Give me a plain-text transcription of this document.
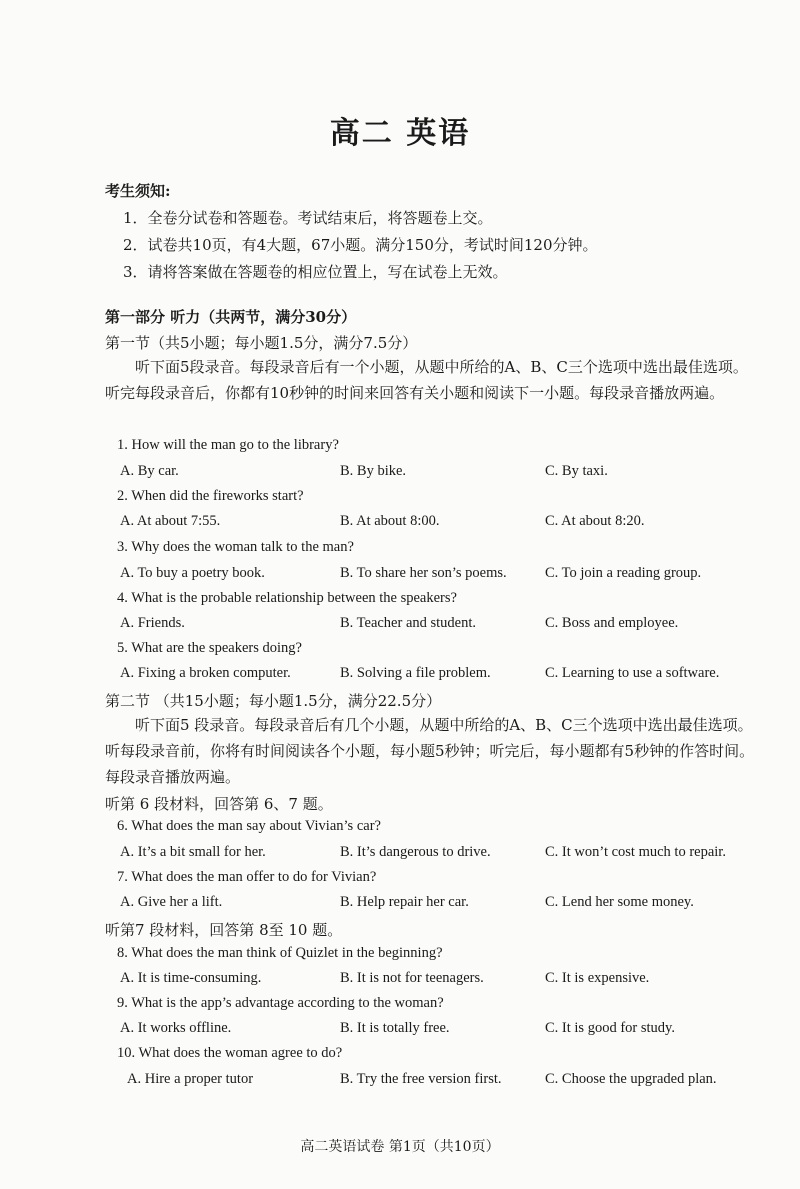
高二 英语
考生须知:
1．全卷分试卷和答题卷。考试结束后，将答题卷上交。
2．试卷共10页，有4大题，67小题。满分150分，考试时间120分钟。
3．请将答案做在答题卷的相应位置上，写在试卷上无效。
第一部分 听力（共两节，满分30分）
第一节（共5小题；每小题1.5分，满分7.5分）
听下面5段录音。每段录音后有一个小题，从题中所给的A、B、C三个选项中选出最佳选项。听完每段录音后，你都有10秒钟的时间来回答有关小题和阅读下一小题。每段录音播放两遍。
1. How will the man go to the library?
A. By car.	B. By bike.	C. By taxi.
2. When did the fireworks start?
A. At about 7:55.	B. At about 8:00.	C. At about 8:20.
3. Why does the woman talk to the man?
A. To buy a poetry book.	B. To share her son’s poems.	C. To join a reading group.
4. What is the probable relationship between the speakers?
A. Friends.	B. Teacher and student.	C. Boss and employee.
5. What are the speakers doing?
A. Fixing a broken computer.	B. Solving a file problem.	C. Learning to use a software.
第二节 （共15小题；每小题1.5分，满分22.5分）
听下面5 段录音。每段录音后有几个小题，从题中所给的A、B、C三个选项中选出最佳选项。听每段录音前，你将有时间阅读各个小题，每小题5秒钟；听完后，每小题都有5秒钟的作答时间。每段录音播放两遍。
听第 6 段材料，回答第 6、7 题。
6. What does the man say about Vivian’s car?
A. It’s a bit small for her.	B. It’s dangerous to drive.	C. It won’t cost much to repair.
7. What does the man offer to do for Vivian?
A. Give her a lift.	B. Help repair her car.	C. Lend her some money.
听第7 段材料，回答第 8至 10 题。
8. What does the man think of Quizlet in the beginning?
A. It is time-consuming.	B. It is not for teenagers.	C. It is expensive.
9. What is the app’s advantage according to the woman?
A. It works offline.	B. It is totally free.	C. It is good for study.
10. What does the woman agree to do?
A. Hire a proper tutor	B. Try the free version first.	C. Choose the upgraded plan.
高二英语试卷 第1页（共10页）
